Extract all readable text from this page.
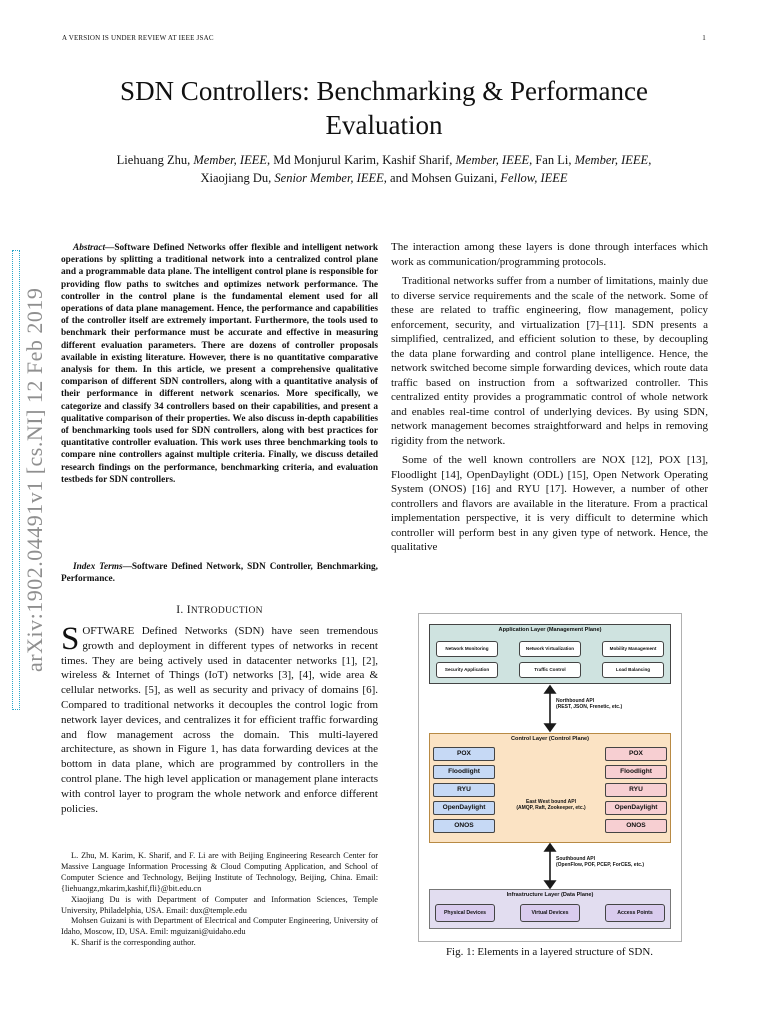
A VERSION IS UNDER REVIEW AT IEEE JSAC	1
arXiv:1902.04491v1 [cs.NI] 12 Feb 2019
SDN Controllers: Benchmarking & Performance Evaluation
Liehuang Zhu, Member, IEEE, Md Monjurul Karim, Kashif Sharif, Member, IEEE, Fan Li, Member, IEEE,
Xiaojiang Du, Senior Member, IEEE, and Mohsen Guizani, Fellow, IEEE
Abstract—Software Defined Networks offer flexible and intelligent network operations by splitting a traditional network into a centralized control plane and a programmable data plane. The intelligent control plane is responsible for providing flow paths to switches and optimizes network performance. The controller in the control plane is the fundamental element used for all operations of data plane management. Hence, the performance and capabilities of the controller itself are extremely important. Furthermore, the tools used to benchmark their performance must be accurate and effective in measuring different evaluation parameters. There are dozens of controller proposals available in existing literature. However, there is no quantitative comparative analysis for them. In this article, we present a comprehensive qualitative comparison of different SDN controllers, along with a quantitative analysis of their performance in different network scenarios. More specifically, we categorize and classify 34 controllers based on their capabilities, and present a qualitative comparison of their properties. We also discuss in-depth capabilities of benchmarking tools used for SDN controllers, along with best practices for quantitative controller evaluation. This work uses three benchmarking tools to compare nine controllers against multiple criteria. Finally, we discuss detailed research findings on the performance, benchmarking criteria, and evaluation testbeds for SDN controllers.
Index Terms—Software Defined Network, SDN Controller, Benchmarking, Performance.
I. INTRODUCTION
SOFTWARE Defined Networks (SDN) have seen tremendous growth and deployment in different types of networks in recent times. They are being actively used in datacenter networks [1], [2], wireless & Internet of Things (IoT) networks [3], [4], wide area & cellular networks. [5], as well as security and privacy of domains [6]. Compared to traditional networks it decouples the control logic from network layer devices, and centralizes it for efficient traffic forwarding and flow management across the domain. This multi-layered architecture, as shown in Figure 1, has data forwarding devices at the bottom in data plane, which are programmed by controllers in the control plane. The high level application or management plane interacts with control layer to program the whole network and enforce different policies.

L. Zhu, M. Karim, K. Sharif, and F. Li are with Beijing Engineering Research Center for Massive Language Information Processing & Cloud Computing Application, and School of Computer Science and Technology, Beijing Institute of Technology, Beijing, China. Email: {liehuangz,mkarim,kashif,fli}@bit.edu.cn

Xiaojiang Du is with Department of Computer and Information Sciences, Temple University, Philadelphia, USA. Email: dux@temple.edu

Mohsen Guizani is with Department of Electrical and Computer Engineering, University of Idaho, Moscow, ID, USA. Emil: mguizani@uidaho.edu

K. Sharif is the corresponding author.

The interaction among these layers is done through interfaces which work as communication/programming protocols.

Traditional networks suffer from a number of limitations, mainly due to diverse service requirements and the scale of the network. Some of these are related to traffic engineering, flow management, policy enforcement, security, and virtualization [7]–[11]. SDN presents a simplified, centralized, and efficient solution to these, by decoupling the data plane forwarding and control plane intelligence. Hence, the network switched become simple forwarding devices, which route data traffic based on instruction from a softwarized controller. This centralized entity provides a programmatic control of whole network and enables real-time control of underlying devices. By using SDN, network management becomes straightforward and helps in removing rigidity from the network.

Some of the well known controllers are NOX [12], POX [13], Floodlight [14], OpenDaylight (ODL) [15], Open Network Operating System (ONOS) [16] and RYU [17]. However, a number of other controllers and flavors are available in the literature. From a practical implementation perspective, it is very difficult to determine which controller will perform best in any given type of network. Hence, the qualitative

Application Layer (Management Plane)
Network Monitoring	Network Virtualization	Mobility Management
Security Application	Traffic Control	Load Balancing
Northbound API
(REST, JSON, Frenetic, etc.)
Control Layer (Control Plane)
POX
Floodlight
RYU
OpenDaylight
ONOS
POX
Floodlight
RYU
OpenDaylight
ONOS
East West bound API
(AMQP, Raft, Zookeeper, etc.)
Southbound API
(OpenFlow, POF, PCEP, ForCES, etc.)
Infrastructure Layer (Data Plane)
Physical Devices	Virtual Devices	Access Points
Fig. 1: Elements in a layered structure of SDN.
